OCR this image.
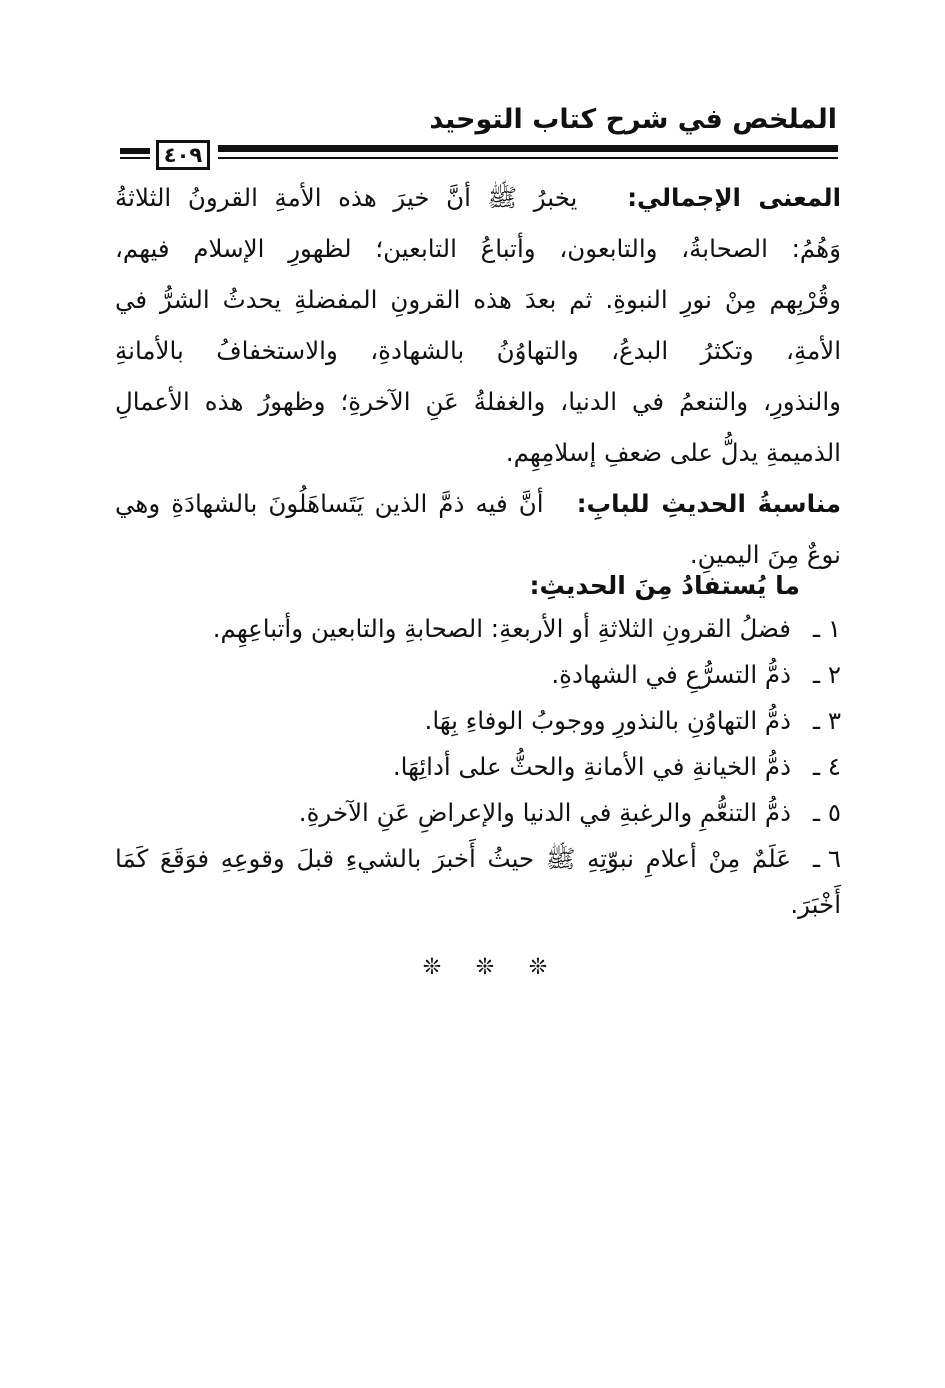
الملخص في شرح كتاب التوحيد
٤٠٩
المعنى الإجمالي:   يخبرُ ﷺ أنَّ خيرَ هذه الأمةِ القرونُ الثلاثةُ
وَهُمُ: الصحابةُ، والتابعون، وأتباعُ التابعين؛ لظهورِ الإسلام فيهم،
وقُرْبِهم مِنْ نورِ النبوةِ. ثم بعدَ هذه القرونِ المفضلةِ يحدثُ الشرُّ في
الأمةِ، وتكثرُ البدعُ، والتهاوُنُ بالشهادةِ، والاستخفافُ بالأمانةِ
والنذورِ، والتنعمُ في الدنيا، والغفلةُ عَنِ الآخرةِ؛ وظهورُ هذه الأعمالِ
الذميمةِ يدلُّ على ضعفِ إسلامِهِم.
مناسبةُ الحديثِ للبابِ:   أنَّ فيه ذمَّ الذين يَتَساهَلُونَ بالشهادَةِ وهي
نوعٌ مِنَ اليمينِ.
ما يُستفادُ مِنَ الحديثِ:
١ ـ
فضلُ القرونِ الثلاثةِ أو الأربعةِ: الصحابةِ والتابعين وأتباعِهِم.
٢ ـ
ذمُّ التسرُّعِ في الشهادةِ.
٣ ـ
ذمُّ التهاوُنِ بالنذورِ ووجوبُ الوفاءِ بِهَا.
٤ ـ
ذمُّ الخيانةِ في الأمانةِ والحثُّ على أدائِهَا.
٥ ـ
ذمُّ التنعُّمِ والرغبةِ في الدنيا والإعراضِ عَنِ الآخرةِ.
٦ ـ
عَلَمٌ مِنْ أعلامِ نبوّتِهِ ﷺ حيثُ أَخبرَ بالشيءِ قبلَ وقوعِهِ فوَقَعَ كَمَا
أَخْبَرَ.
❊ ❊ ❊
